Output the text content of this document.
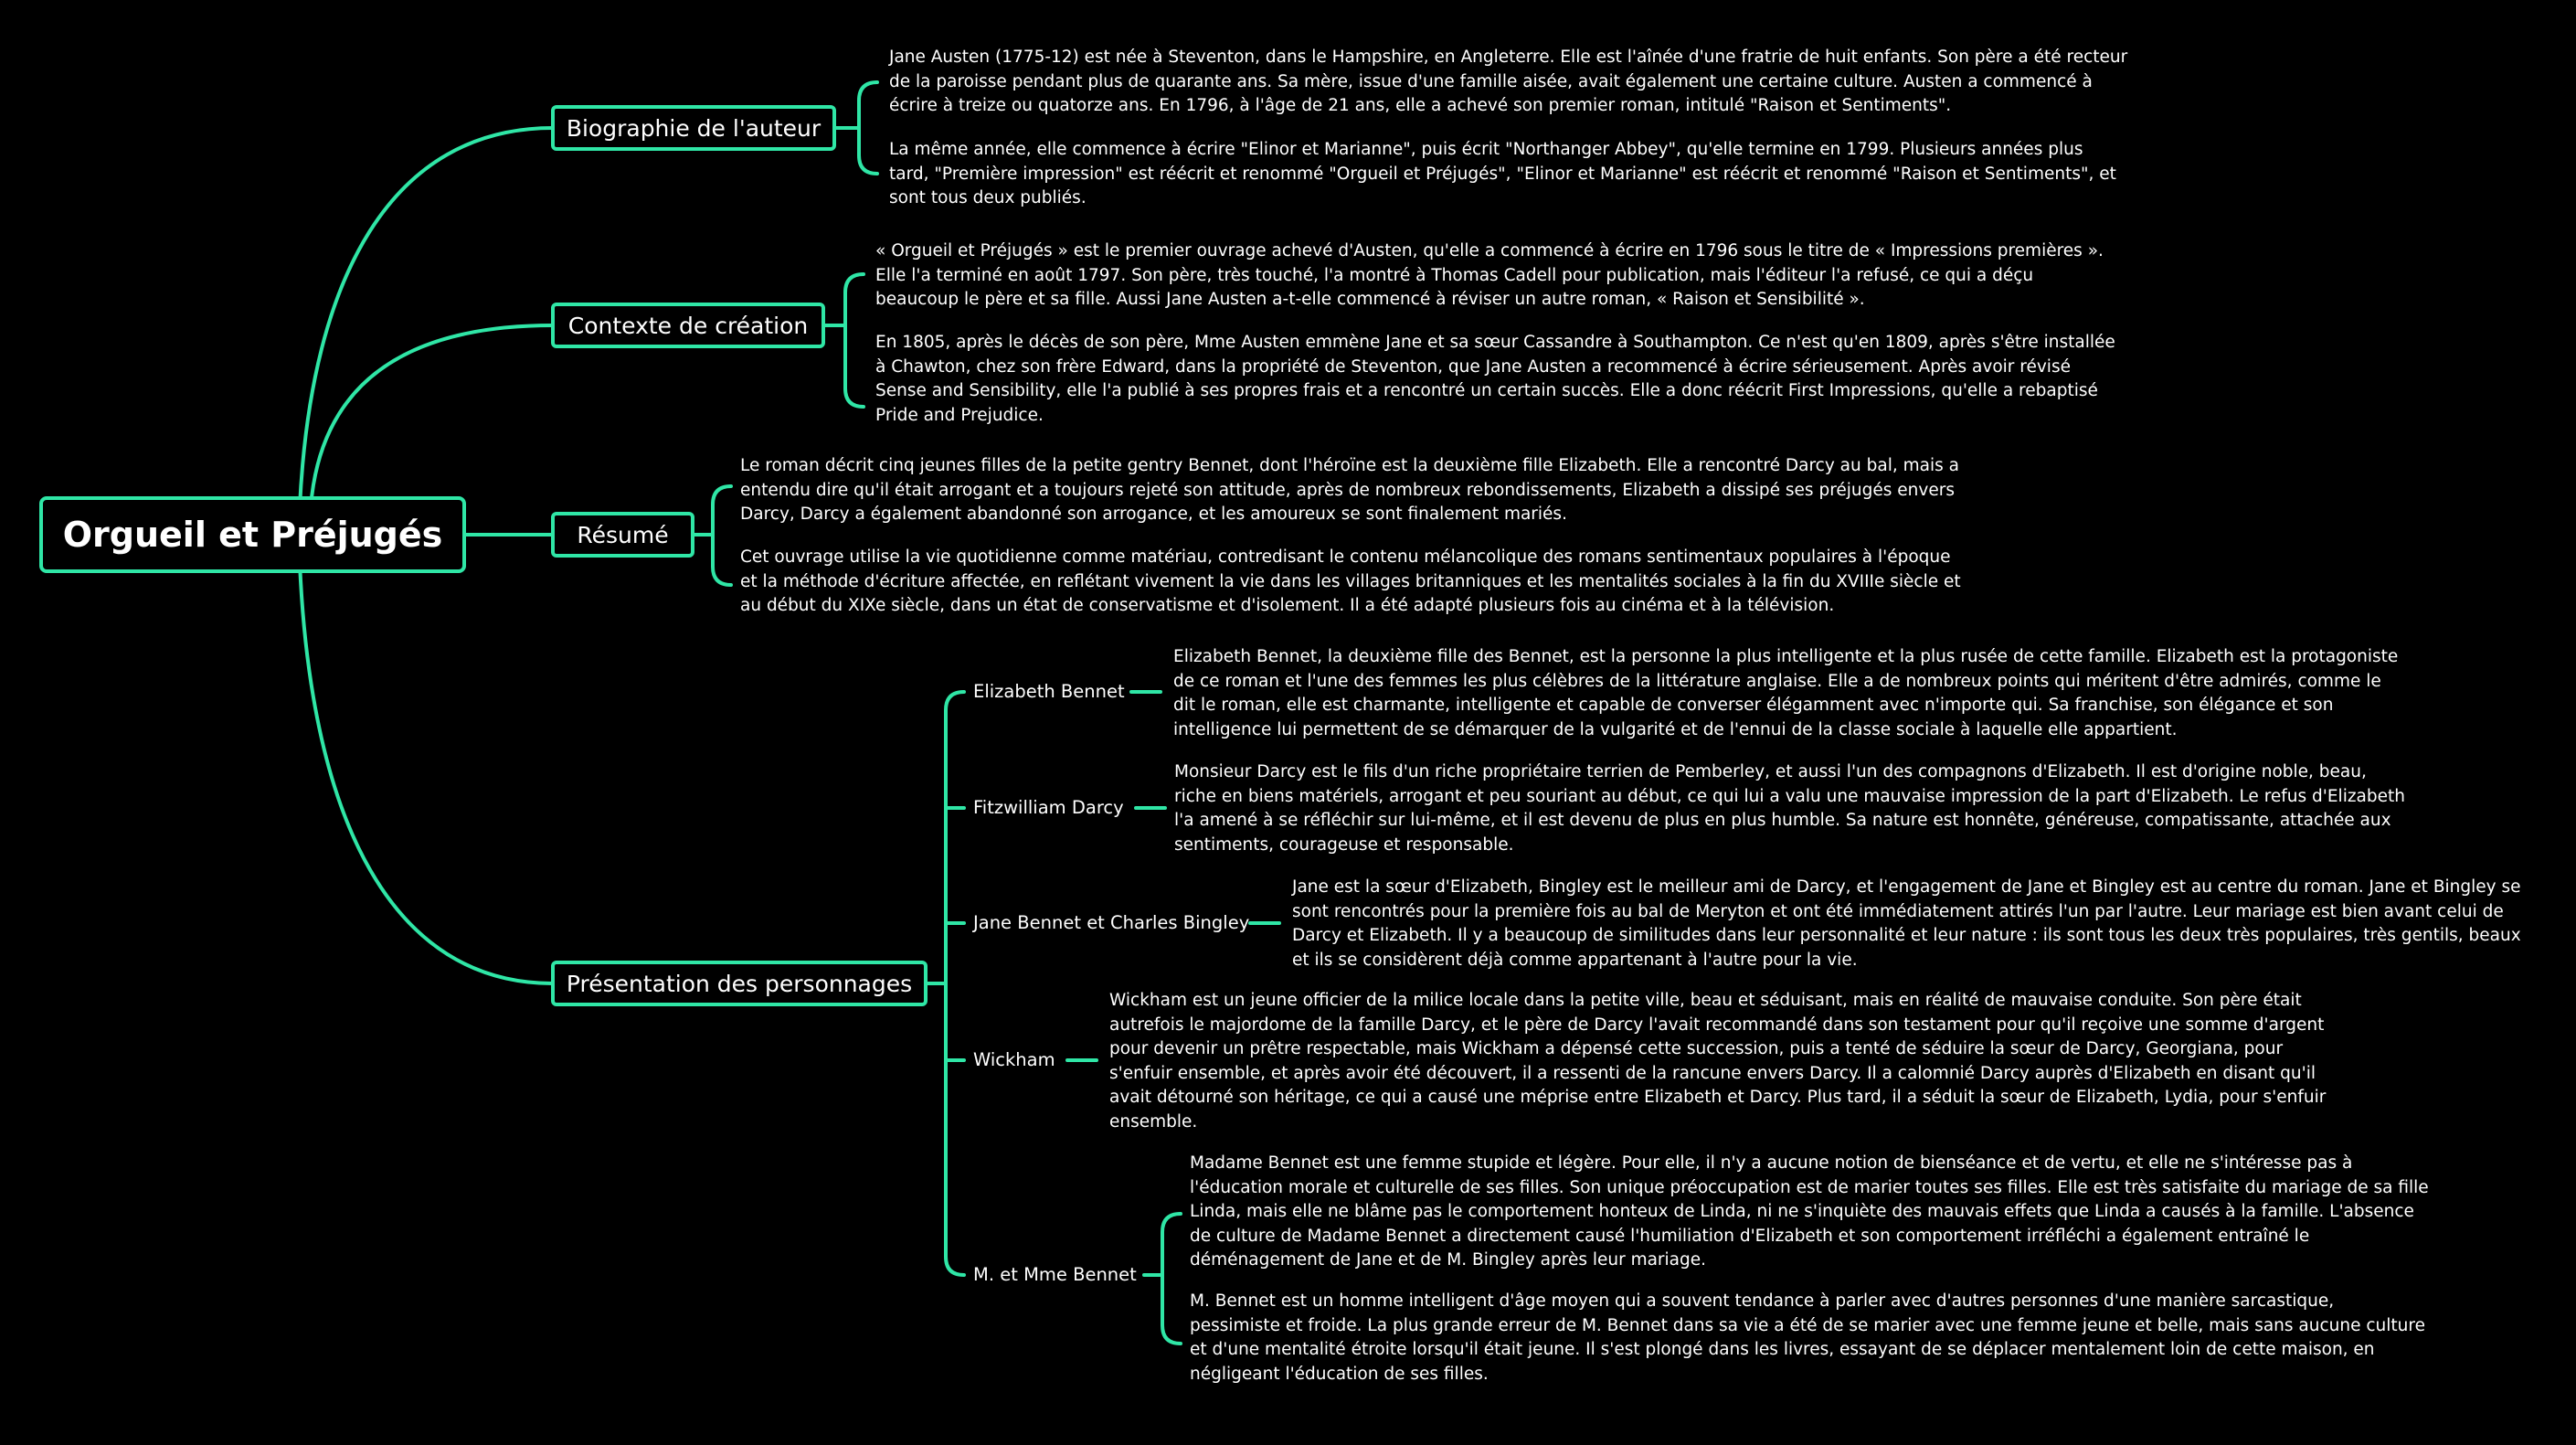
Orgueil et Préjugés
Biographie de l'auteur
Jane Austen (1775-12) est née à Steventon, dans le Hampshire, en Angleterre. Elle est l'aînée d'une fratrie de huit enfants. Son père a été recteur
de la paroisse pendant plus de quarante ans. Sa mère, issue d'une famille aisée, avait également une certaine culture. Austen a commencé à
écrire à treize ou quatorze ans. En 1796, à l'âge de 21 ans, elle a achevé son premier roman, intitulé "Raison et Sentiments".
La même année, elle commence à écrire "Elinor et Marianne", puis écrit "Northanger Abbey", qu'elle termine en 1799. Plusieurs années plus
tard, "Première impression" est réécrit et renommé "Orgueil et Préjugés", "Elinor et Marianne" est réécrit et renommé "Raison et Sentiments", et
sont tous deux publiés.
Contexte de création
« Orgueil et Préjugés » est le premier ouvrage achevé d'Austen, qu'elle a commencé à écrire en 1796 sous le titre de « Impressions premières ».
Elle l'a terminé en août 1797. Son père, très touché, l'a montré à Thomas Cadell pour publication, mais l'éditeur l'a refusé, ce qui a déçu
beaucoup le père et sa fille. Aussi Jane Austen a-t-elle commencé à réviser un autre roman, « Raison et Sensibilité ».
En 1805, après le décès de son père, Mme Austen emmène Jane et sa sœur Cassandre à Southampton. Ce n'est qu'en 1809, après s'être installée
à Chawton, chez son frère Edward, dans la propriété de Steventon, que Jane Austen a recommencé à écrire sérieusement. Après avoir révisé
Sense and Sensibility, elle l'a publié à ses propres frais et a rencontré un certain succès. Elle a donc réécrit First Impressions, qu'elle a rebaptisé
Pride and Prejudice.
Résumé
Le roman décrit cinq jeunes filles de la petite gentry Bennet, dont l'héroïne est la deuxième fille Elizabeth. Elle a rencontré Darcy au bal, mais a
entendu dire qu'il était arrogant et a toujours rejeté son attitude, après de nombreux rebondissements, Elizabeth a dissipé ses préjugés envers
Darcy, Darcy a également abandonné son arrogance, et les amoureux se sont finalement mariés.
Cet ouvrage utilise la vie quotidienne comme matériau, contredisant le contenu mélancolique des romans sentimentaux populaires à l'époque
et la méthode d'écriture affectée, en reflétant vivement la vie dans les villages britanniques et les mentalités sociales à la fin du XVIIIe siècle et
au début du XIXe siècle, dans un état de conservatisme et d'isolement. Il a été adapté plusieurs fois au cinéma et à la télévision.
Présentation des personnages
Elizabeth Bennet
Elizabeth Bennet, la deuxième fille des Bennet, est la personne la plus intelligente et la plus rusée de cette famille. Elizabeth est la protagoniste
de ce roman et l'une des femmes les plus célèbres de la littérature anglaise. Elle a de nombreux points qui méritent d'être admirés, comme le
dit le roman, elle est charmante, intelligente et capable de converser élégamment avec n'importe qui. Sa franchise, son élégance et son
intelligence lui permettent de se démarquer de la vulgarité et de l'ennui de la classe sociale à laquelle elle appartient.
Fitzwilliam Darcy
Monsieur Darcy est le fils d'un riche propriétaire terrien de Pemberley, et aussi l'un des compagnons d'Elizabeth. Il est d'origine noble, beau,
riche en biens matériels, arrogant et peu souriant au début, ce qui lui a valu une mauvaise impression de la part d'Elizabeth. Le refus d'Elizabeth
l'a amené à se réfléchir sur lui-même, et il est devenu de plus en plus humble. Sa nature est honnête, généreuse, compatissante, attachée aux
sentiments, courageuse et responsable.
Jane Bennet et Charles Bingley
Jane est la sœur d'Elizabeth, Bingley est le meilleur ami de Darcy, et l'engagement de Jane et Bingley est au centre du roman. Jane et Bingley se
sont rencontrés pour la première fois au bal de Meryton et ont été immédiatement attirés l'un par l'autre. Leur mariage est bien avant celui de
Darcy et Elizabeth. Il y a beaucoup de similitudes dans leur personnalité et leur nature : ils sont tous les deux très populaires, très gentils, beaux
et ils se considèrent déjà comme appartenant à l'autre pour la vie.
Wickham
Wickham est un jeune officier de la milice locale dans la petite ville, beau et séduisant, mais en réalité de mauvaise conduite. Son père était
autrefois le majordome de la famille Darcy, et le père de Darcy l'avait recommandé dans son testament pour qu'il reçoive une somme d'argent
pour devenir un prêtre respectable, mais Wickham a dépensé cette succession, puis a tenté de séduire la sœur de Darcy, Georgiana, pour
s'enfuir ensemble, et après avoir été découvert, il a ressenti de la rancune envers Darcy. Il a calomnié Darcy auprès d'Elizabeth en disant qu'il
avait détourné son héritage, ce qui a causé une méprise entre Elizabeth et Darcy. Plus tard, il a séduit la sœur de Elizabeth, Lydia, pour s'enfuir
ensemble.
M. et Mme Bennet
Madame Bennet est une femme stupide et légère. Pour elle, il n'y a aucune notion de bienséance et de vertu, et elle ne s'intéresse pas à
l'éducation morale et culturelle de ses filles. Son unique préoccupation est de marier toutes ses filles. Elle est très satisfaite du mariage de sa fille
Linda, mais elle ne blâme pas le comportement honteux de Linda, ni ne s'inquiète des mauvais effets que Linda a causés à la famille. L'absence
de culture de Madame Bennet a directement causé l'humiliation d'Elizabeth et son comportement irréfléchi a également entraîné le
déménagement de Jane et de M. Bingley après leur mariage.
M. Bennet est un homme intelligent d'âge moyen qui a souvent tendance à parler avec d'autres personnes d'une manière sarcastique,
pessimiste et froide. La plus grande erreur de M. Bennet dans sa vie a été de se marier avec une femme jeune et belle, mais sans aucune culture
et d'une mentalité étroite lorsqu'il était jeune. Il s'est plongé dans les livres, essayant de se déplacer mentalement loin de cette maison, en
négligeant l'éducation de ses filles.
